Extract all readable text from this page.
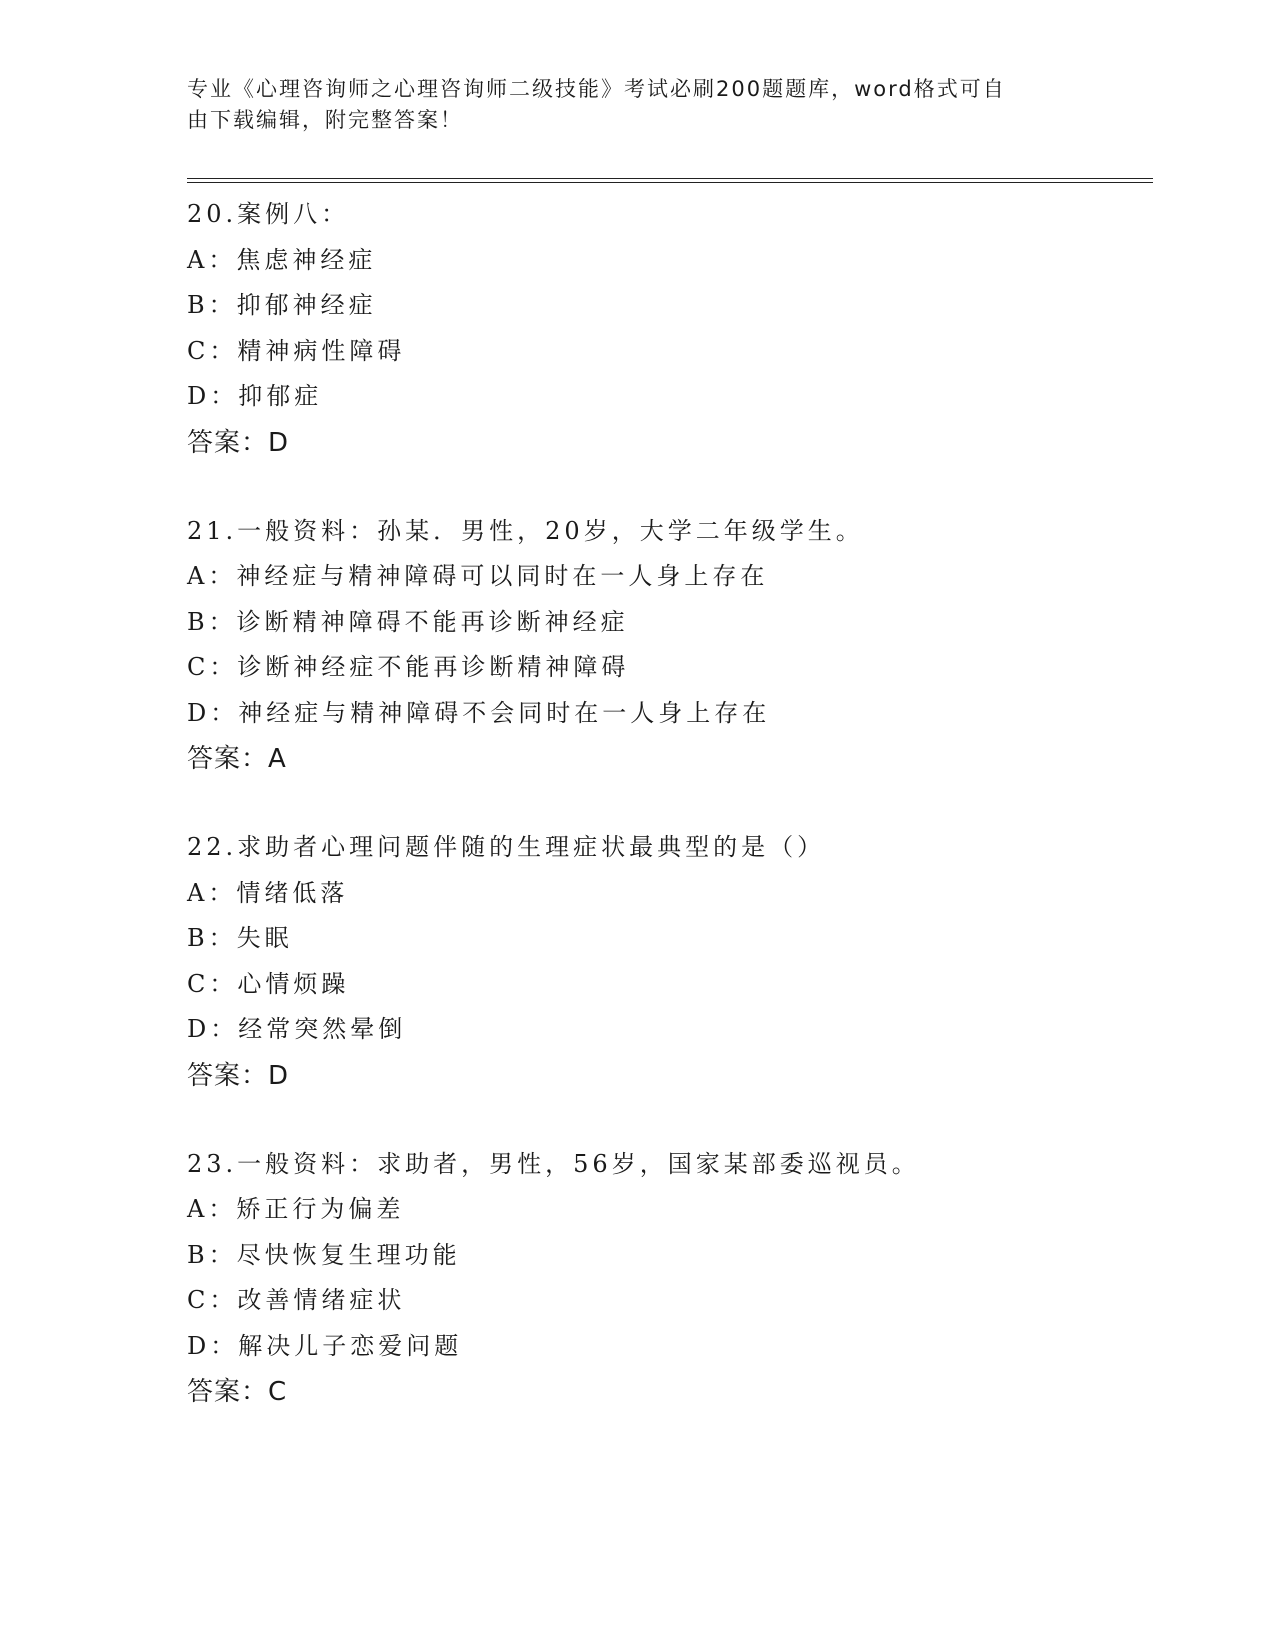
专业《心理咨询师之心理咨询师二级技能》考试必刷200题题库，word格式可自
由下载编辑，附完整答案！
20.案例八：
A：焦虑神经症
B：抑郁神经症
C：精神病性障碍
D：抑郁症
答案：D
21.一般资料：孙某．男性，20岁，大学二年级学生。
A：神经症与精神障碍可以同时在一人身上存在
B：诊断精神障碍不能再诊断神经症
C：诊断神经症不能再诊断精神障碍
D：神经症与精神障碍不会同时在一人身上存在
答案：A
22.求助者心理问题伴随的生理症状最典型的是（）
A：情绪低落
B：失眠
C：心情烦躁
D：经常突然晕倒
答案：D
23.一般资料：求助者，男性，56岁，国家某部委巡视员。
A：矫正行为偏差
B：尽快恢复生理功能
C：改善情绪症状
D：解决儿子恋爱问题
答案：C
